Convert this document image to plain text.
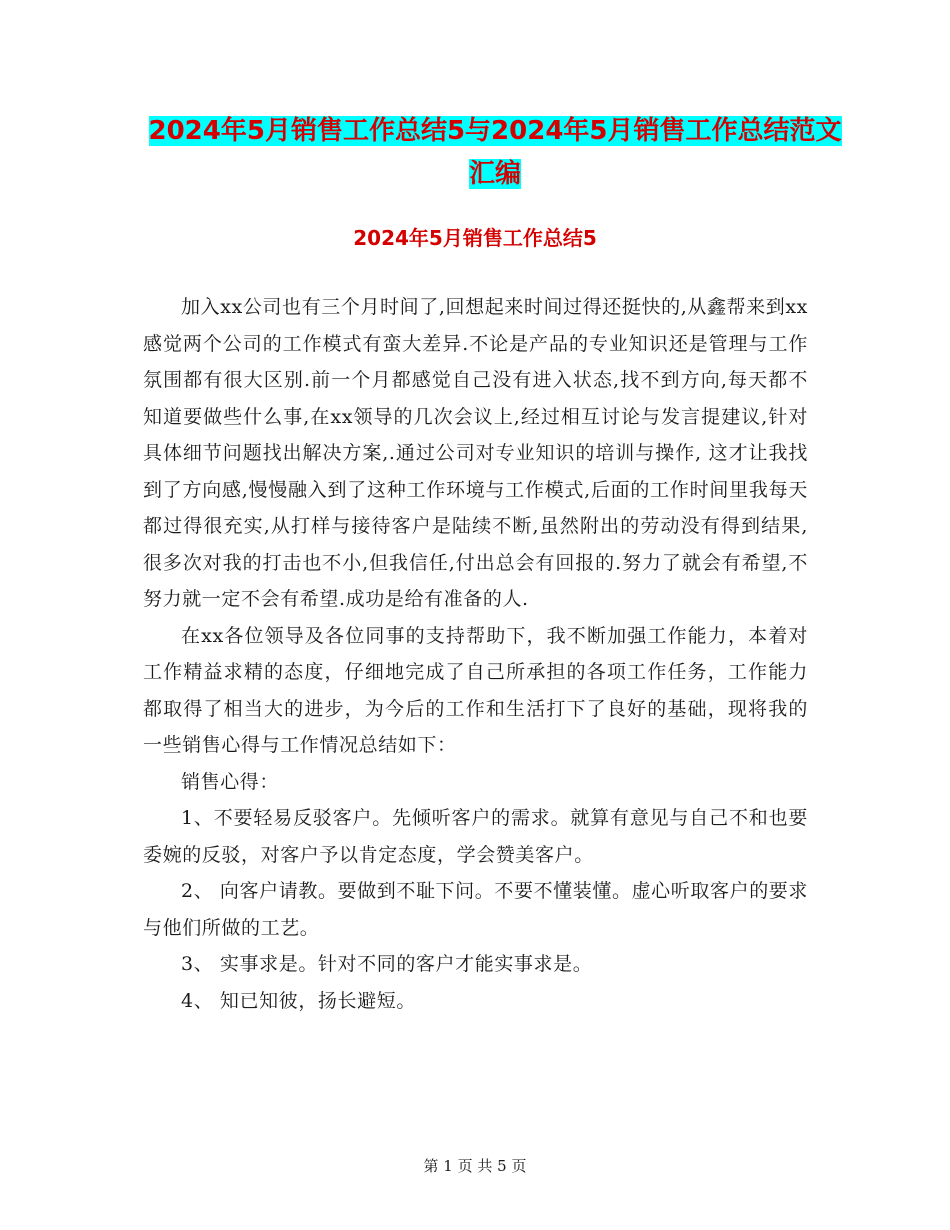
2024年5月销售工作总结5与2024年5月销售工作总结范文汇编
2024年5月销售工作总结5

加入xx公司也有三个月时间了,回想起来时间过得还挺快的,从鑫帮来到xx感觉两个公司的工作模式有蛮大差异.不论是产品的专业知识还是管理与工作氛围都有很大区别.前一个月都感觉自己没有进入状态,找不到方向,每天都不知道要做些什么事,在xx领导的几次会议上,经过相互讨论与发言提建议,针对具体细节问题找出解决方案,.通过公司对专业知识的培训与操作, 这才让我找到了方向感,慢慢融入到了这种工作环境与工作模式,后面的工作时间里我每天都过得很充实,从打样与接待客户是陆续不断,虽然附出的劳动没有得到结果,很多次对我的打击也不小,但我信任,付出总会有回报的.努力了就会有希望,不努力就一定不会有希望.成功是给有准备的人.

在xx各位领导及各位同事的支持帮助下，我不断加强工作能力，本着对工作精益求精的态度，仔细地完成了自己所承担的各项工作任务，工作能力都取得了相当大的进步，为今后的工作和生活打下了良好的基础，现将我的一些销售心得与工作情况总结如下：

销售心得：

1、不要轻易反驳客户。先倾听客户的需求。就算有意见与自己不和也要委婉的反驳，对客户予以肯定态度，学会赞美客户。

2、 向客户请教。要做到不耻下问。不要不懂装懂。虚心听取客户的要求与他们所做的工艺。

3、 实事求是。针对不同的客户才能实事求是。

4、 知已知彼，扬长避短。

第 1 页 共 5 页
